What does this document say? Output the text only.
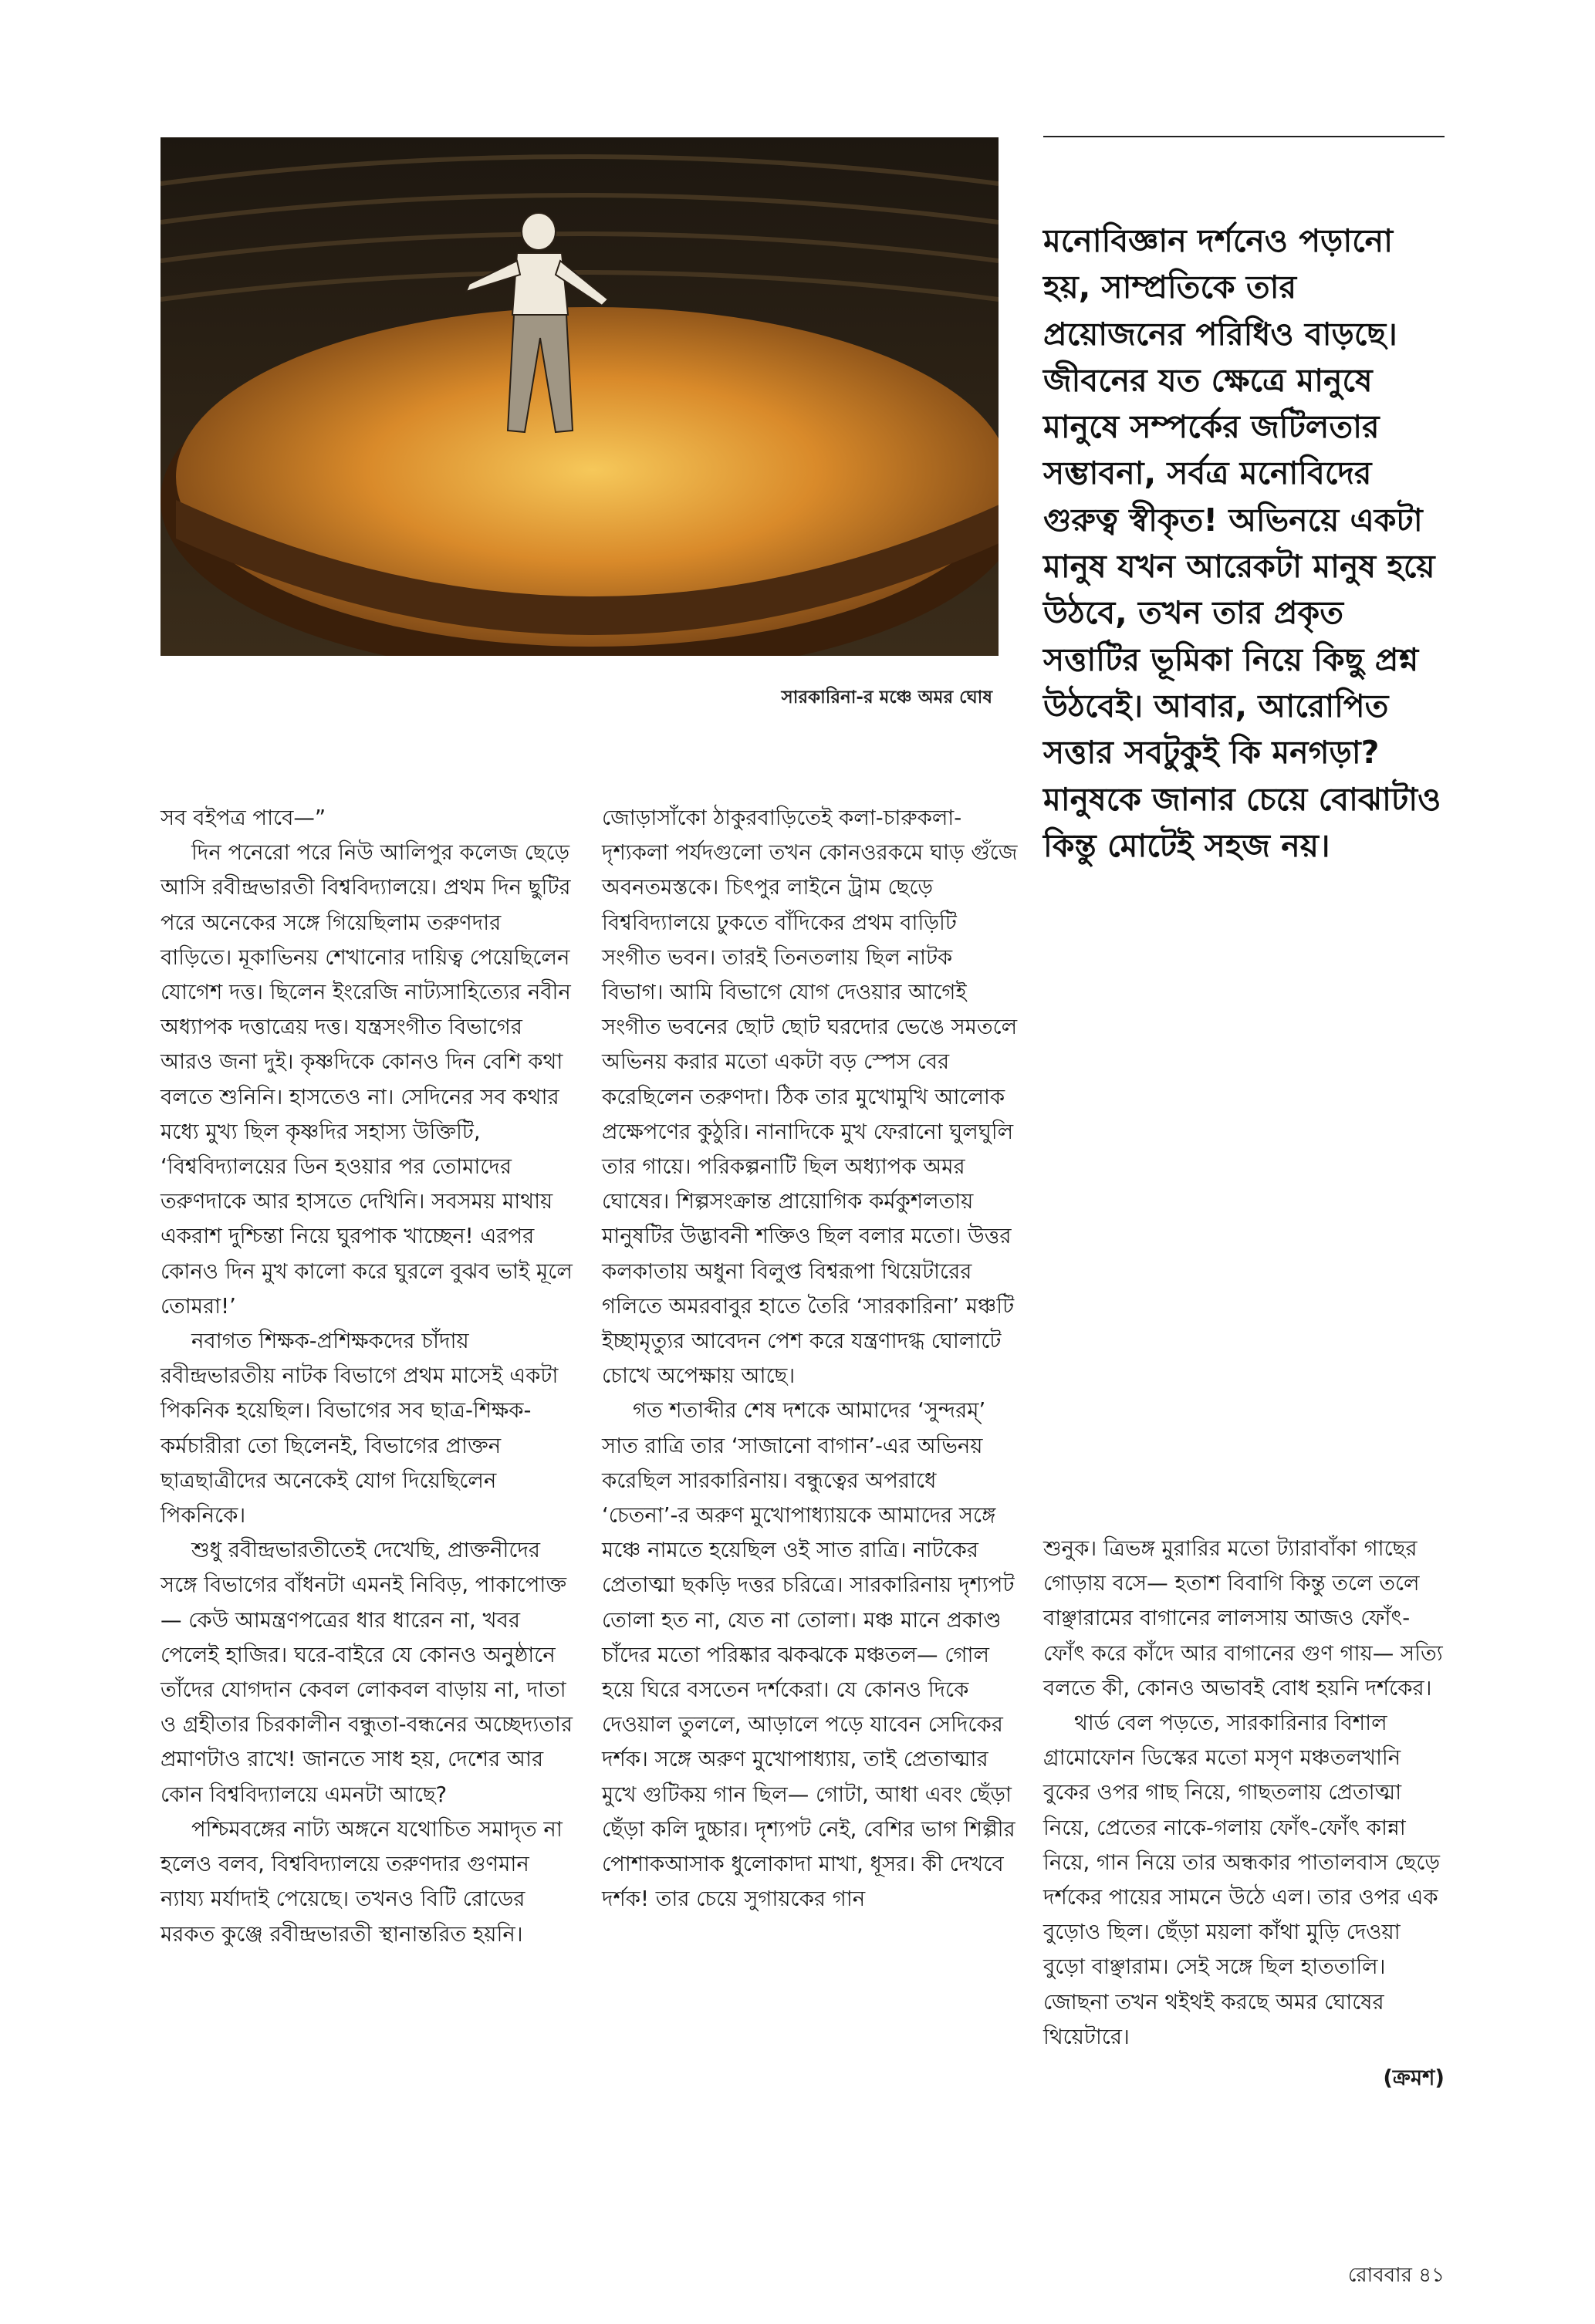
সারকারিনা-র মঞ্চে অমর ঘোষ
মনোবিজ্ঞান দর্শনেও পড়ানো হয়, সাম্প্রতিকে তার প্রয়োজনের পরিধিও বাড়ছে। জীবনের যত ক্ষেত্রে মানুষে মানুষে সম্পর্কের জটিলতার সম্ভাবনা, সর্বত্র মনোবিদের গুরুত্ব স্বীকৃত! অভিনয়ে একটা মানুষ যখন আরেকটা মানুষ হয়ে উঠবে, তখন তার প্রকৃত সত্তাটির ভূমিকা নিয়ে কিছু প্রশ্ন উঠবেই। আবার, আরোপিত সত্তার সবটুকুই কি মনগড়া? মানুষকে জানার চেয়ে বোঝাটাও কিন্তু মোটেই সহজ নয়।

সব বইপত্র পাবে—”

দিন পনেরো পরে নিউ আলিপুর কলেজ ছেড়ে আসি রবীন্দ্রভারতী বিশ্ববিদ্যালয়ে। প্রথম দিন ছুটির পরে অনেকের সঙ্গে গিয়েছিলাম তরুণদার বাড়িতে। মূকাভিনয় শেখানোর দায়িত্ব পেয়েছিলেন যোগেশ দত্ত। ছিলেন ইংরেজি নাট্যসাহিত্যের নবীন অধ্যাপক দত্তাত্রেয় দত্ত। যন্ত্রসংগীত বিভাগের আরও জনা দুই। কৃষ্ণদিকে কোনও দিন বেশি কথা বলতে শুনিনি। হাসতেও না। সেদিনের সব কথার মধ্যে মুখ্য ছিল কৃষ্ণদির সহাস্য উক্তিটি, ‘বিশ্ববিদ্যালয়ের ডিন হওয়ার পর তোমাদের তরুণদাকে আর হাসতে দেখিনি। সবসময় মাথায় একরাশ দুশ্চিন্তা নিয়ে ঘুরপাক খাচ্ছেন! এরপর কোনও দিন মুখ কালো করে ঘুরলে বুঝব ভাই মূলে তোমরা!’

নবাগত শিক্ষক-প্রশিক্ষকদের চাঁদায় রবীন্দ্রভারতীয় নাটক বিভাগে প্রথম মাসেই একটা পিকনিক হয়েছিল। বিভাগের সব ছাত্র-শিক্ষক-কর্মচারীরা তো ছিলেনই, বিভাগের প্রাক্তন ছাত্রছাত্রীদের অনেকেই যোগ দিয়েছিলেন পিকনিকে।

শুধু রবীন্দ্রভারতীতেই দেখেছি, প্রাক্তনীদের সঙ্গে বিভাগের বাঁধনটা এমনই নিবিড়, পাকাপোক্ত— কেউ আমন্ত্রণপত্রের ধার ধারেন না, খবর পেলেই হাজির। ঘরে-বাইরে যে কোনও অনুষ্ঠানে তাঁদের যোগদান কেবল লোকবল বাড়ায় না, দাতা ও গ্রহীতার চিরকালীন বন্ধুতা-বন্ধনের অচ্ছেদ্যতার প্রমাণটাও রাখে! জানতে সাধ হয়, দেশের আর কোন বিশ্ববিদ্যালয়ে এমনটা আছে?

পশ্চিমবঙ্গের নাট্য অঙ্গনে যথোচিত সমাদৃত না হলেও বলব, বিশ্ববিদ্যালয়ে তরুণদার গুণমান ন্যায্য মর্যাদাই পেয়েছে। তখনও বিটি রোডের মরকত কুঞ্জে রবীন্দ্রভারতী স্থানান্তরিত হয়নি।

জোড়াসাঁকো ঠাকুরবাড়িতেই কলা-চারুকলা-দৃশ্যকলা পর্যদগুলো তখন কোনওরকমে ঘাড় গুঁজে অবনতমস্তকে। চিৎপুর লাইনে ট্রাম ছেড়ে বিশ্ববিদ্যালয়ে ঢুকতে বাঁদিকের প্রথম বাড়িটি সংগীত ভবন। তারই তিনতলায় ছিল নাটক বিভাগ। আমি বিভাগে যোগ দেওয়ার আগেই সংগীত ভবনের ছোট ছোট ঘরদোর ভেঙে সমতলে অভিনয় করার মতো একটা বড় স্পেস বের করেছিলেন তরুণদা। ঠিক তার মুখোমুখি আলোক প্রক্ষেপণের কুঠুরি। নানাদিকে মুখ ফেরানো ঘুলঘুলি তার গায়ে। পরিকল্পনাটি ছিল অধ্যাপক অমর ঘোষের। শিল্পসংক্রান্ত প্রায়োগিক কর্মকুশলতায় মানুষটির উদ্ভাবনী শক্তিও ছিল বলার মতো। উত্তর কলকাতায় অধুনা বিলুপ্ত বিশ্বরূপা থিয়েটারের গলিতে অমরবাবুর হাতে তৈরি ‘সারকারিনা’ মঞ্চটি ইচ্ছামৃত্যুর আবেদন পেশ করে যন্ত্রণাদগ্ধ ঘোলাটে চোখে অপেক্ষায় আছে।

গত শতাব্দীর শেষ দশকে আমাদের ‘সুন্দরম্’ সাত রাত্রি তার ‘সাজানো বাগান’-এর অভিনয় করেছিল সারকারিনায়। বন্ধুত্বের অপরাধে ‘চেতনা’-র অরুণ মুখোপাধ্যায়কে আমাদের সঙ্গে মঞ্চে নামতে হয়েছিল ওই সাত রাত্রি। নাটকের প্রেতাত্মা ছকড়ি দত্তর চরিত্রে। সারকারিনায় দৃশ্যপট তোলা হত না, যেত না তোলা। মঞ্চ মানে প্রকাণ্ড চাঁদের মতো পরিষ্কার ঝকঝকে মঞ্চতল— গোল হয়ে ঘিরে বসতেন দর্শকেরা। যে কোনও দিকে দেওয়াল তুললে, আড়ালে পড়ে যাবেন সেদিকের দর্শক। সঙ্গে অরুণ মুখোপাধ্যায়, তাই প্রেতাত্মার মুখে গুটিকয় গান ছিল— গোটা, আধা এবং ছেঁড়া ছেঁড়া কলি দুচ্চার। দৃশ্যপট নেই, বেশির ভাগ শিল্পীর পোশাকআসাক ধুলোকাদা মাখা, ধূসর। কী দেখবে দর্শক! তার চেয়ে সুগায়কের গান

শুনুক। ত্রিভঙ্গ মুরারির মতো ট্যারাবাঁকা গাছের গোড়ায় বসে— হতাশ বিবাগি কিন্তু তলে তলে বাঞ্ছারামের বাগানের লালসায় আজও ফোঁৎ-ফোঁৎ করে কাঁদে আর বাগানের গুণ গায়— সত্যি বলতে কী, কোনও অভাবই বোধ হয়নি দর্শকের।

থার্ড বেল পড়তে, সারকারিনার বিশাল গ্রামোফোন ডিস্কের মতো মসৃণ মঞ্চতলখানি বুকের ওপর গাছ নিয়ে, গাছতলায় প্রেতাত্মা নিয়ে, প্রেতের নাকে-গলায় ফোঁৎ-ফোঁৎ কান্না নিয়ে, গান নিয়ে তার অন্ধকার পাতালবাস ছেড়ে দর্শকের পায়ের সামনে উঠে এল। তার ওপর এক বুড়োও ছিল। ছেঁড়া ময়লা কাঁথা মুড়ি দেওয়া বুড়ো বাঞ্ছারাম। সেই সঙ্গে ছিল হাততালি। জোছনা তখন থইথই করছে অমর ঘোষের থিয়েটারে।

(ক্রমশ)
রোববার ৪১
